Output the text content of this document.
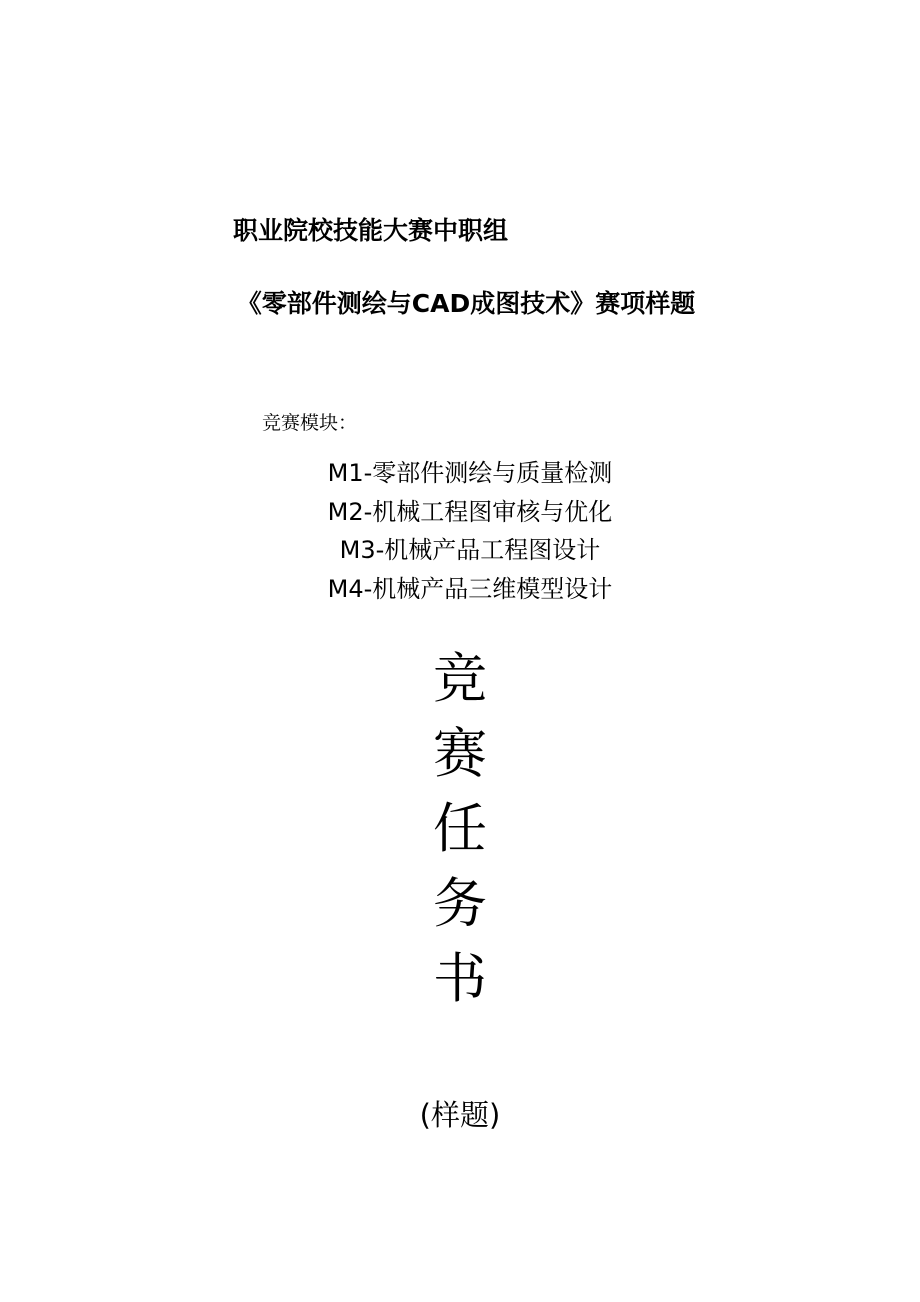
职业院校技能大赛中职组
《零部件测绘与CAD成图技术》赛项样题
竞赛模块：
M1-零部件测绘与质量检测
M2-机械工程图审核与优化
M3-机械产品工程图设计
M4-机械产品三维模型设计
竞
赛
任
务
书
(样题)
